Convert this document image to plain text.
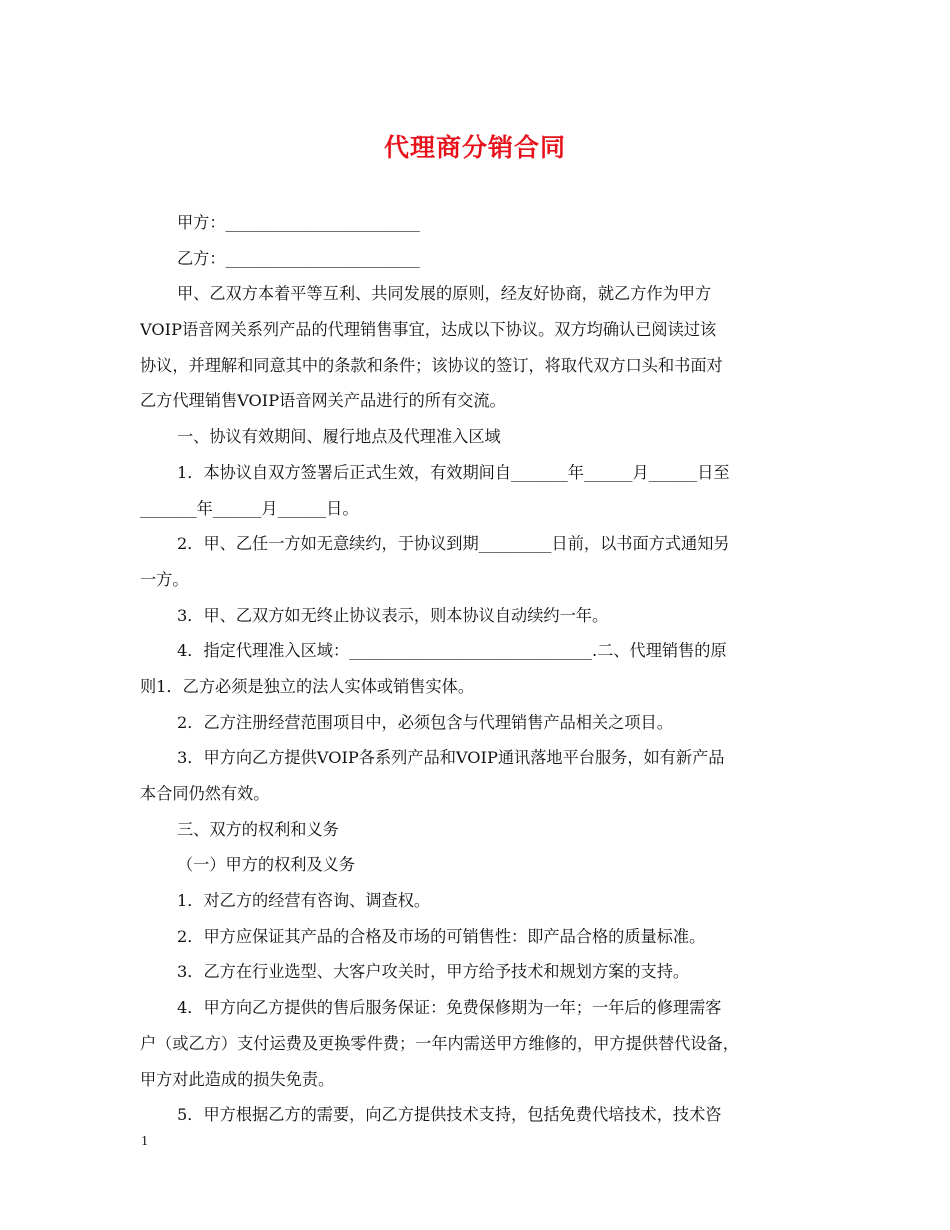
代理商分销合同
甲方：________________________
乙方：________________________
甲、乙双方本着平等互利、共同发展的原则，经友好协商，就乙方作为甲方
VOIP语音网关系列产品的代理销售事宜，达成以下协议。双方均确认已阅读过该
协议，并理解和同意其中的条款和条件；该协议的签订，将取代双方口头和书面对
乙方代理销售VOIP语音网关产品进行的所有交流。
一、协议有效期间、履行地点及代理准入区域
1．本协议自双方签署后正式生效，有效期间自_______年______月______日至
_______年______月______日。
2．甲、乙任一方如无意续约，于协议到期_________日前，以书面方式通知另
一方。
3．甲、乙双方如无终止协议表示，则本协议自动续约一年。
4．指定代理准入区域：______________________________.二、代理销售的原
则1．乙方必须是独立的法人实体或销售实体。
2．乙方注册经营范围项目中，必须包含与代理销售产品相关之项目。
3．甲方向乙方提供VOIP各系列产品和VOIP通讯落地平台服务，如有新产品
本合同仍然有效。
三、双方的权利和义务
（一）甲方的权利及义务
1．对乙方的经营有咨询、调查权。
2．甲方应保证其产品的合格及市场的可销售性：即产品合格的质量标准。
3．乙方在行业选型、大客户攻关时，甲方给予技术和规划方案的支持。
4．甲方向乙方提供的售后服务保证：免费保修期为一年；一年后的修理需客
户（或乙方）支付运费及更换零件费；一年内需送甲方维修的，甲方提供替代设备，
甲方对此造成的损失免责。
5．甲方根据乙方的需要，向乙方提供技术支持，包括免费代培技术，技术咨
1
